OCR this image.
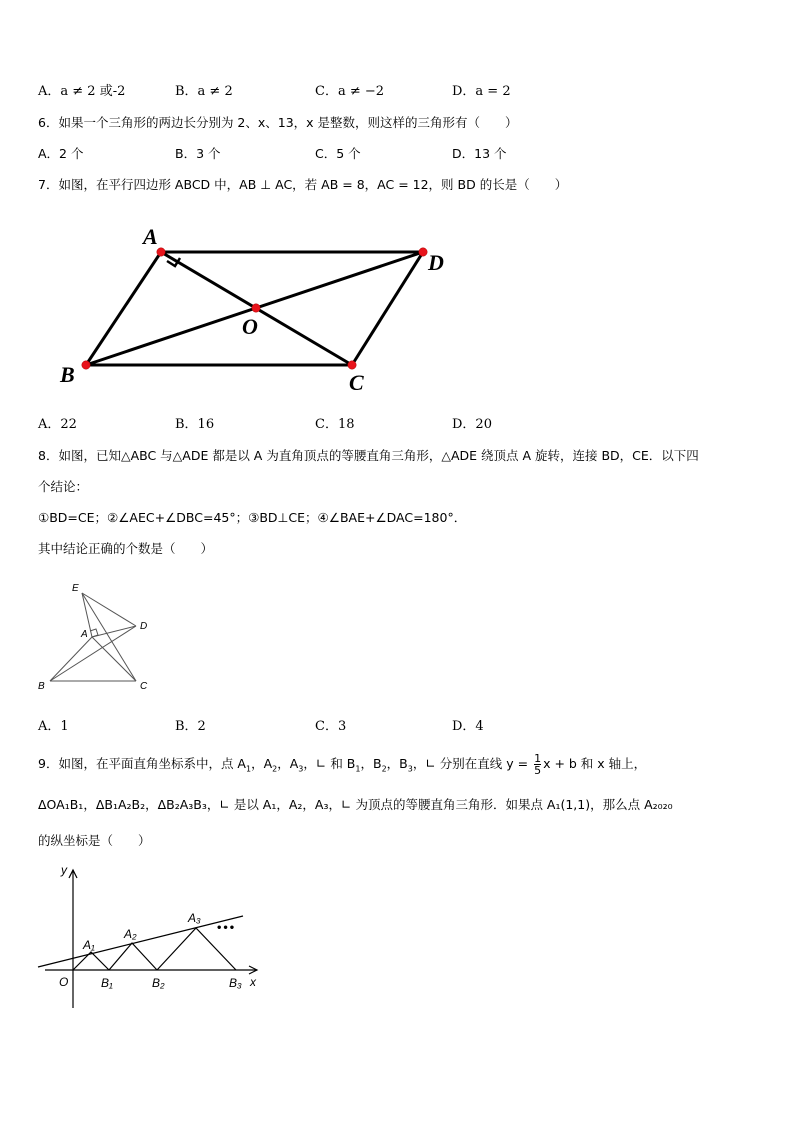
A．a ≠ 2 或-2	B．a ≠ 2	C．a ≠ −2	D．a = 2
6．如果一个三角形的两边长分别为 2、x、13，x 是整数，则这样的三角形有（　　）
A．2 个	B．3 个	C．5 个	D．13 个
7．如图，在平行四边形 ABCD 中，AB ⊥ AC，若 AB = 8，AC = 12，则 BD 的长是（　　）
A
D
C
B
O
A．22	B．16	C．18	D．20
8．如图，已知△ABC 与△ADE 都是以 A 为直角顶点的等腰直角三角形，△ADE 绕顶点 A 旋转，连接 BD，CE．以下四
个结论：
①BD=CE；②∠AEC+∠DBC=45°；③BD⊥CE；④∠BAE+∠DAC=180°．
其中结论正确的个数是（　　）
E
A
D
B	C
A．1	B．2	C．3	D．4
9．如图，在平面直角坐标系中，点 $A_1$，$A_2$，$A_3$，∟ 和 $B_1$，$B_2$，$B_3$，∟ 分别在直线 $y = \frac{1}{5}$ x + b 和 x 轴上，
ΔOA₁B₁，ΔB₁A₂B₂，ΔB₂A₃B₃，∟ 是以 A₁，A₂，A₃，∟ 为顶点的等腰直角三角形．如果点 A₁(1,1)，那么点 A₂₀₂₀
的纵坐标是（　　）
y
x
O
A₁
A₂
A₃
B₁	B₂	B₃
•••
